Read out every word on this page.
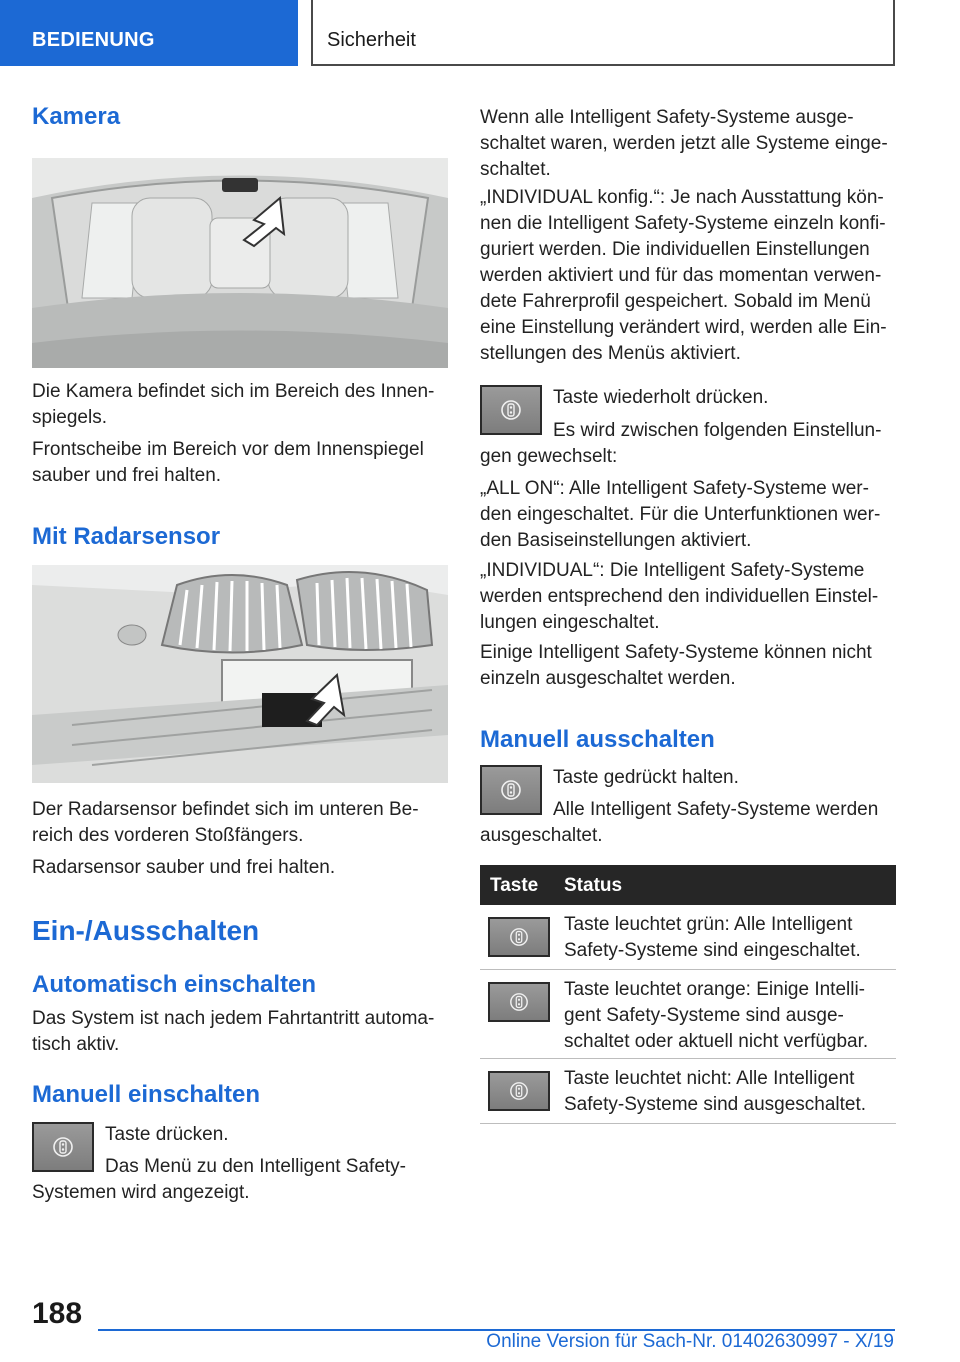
BEDIENUNG	Sicherheit
Kamera

Die Kamera befindet sich im Bereich des Innen-spiegels.

Frontscheibe im Bereich vor dem Innenspiegel sauber und frei halten.

Mit Radarsensor

Der Radarsensor befindet sich im unteren Be-reich des vorderen Stoßfängers.

Radarsensor sauber und frei halten.

Ein-/Ausschalten
Automatisch einschalten

Das System ist nach jedem Fahrtantritt automa-tisch aktiv.

Manuell einschalten

Taste drücken.

Das Menü zu den Intelligent Safety-

Systemen wird angezeigt.

Wenn alle Intelligent Safety-Systeme ausge-schaltet waren, werden jetzt alle Systeme einge-schaltet.

„INDIVIDUAL konfig.“: Je nach Ausstattung kön-nen die Intelligent Safety-Systeme einzeln konfi-guriert werden. Die individuellen Einstellungen werden aktiviert und für das momentan verwen-dete Fahrerprofil gespeichert. Sobald im Menü eine Einstellung verändert wird, werden alle Ein-stellungen des Menüs aktiviert.

Taste wiederholt drücken.

Es wird zwischen folgenden Einstellun-

gen gewechselt:

„ALL ON“: Alle Intelligent Safety-Systeme wer-den eingeschaltet. Für die Unterfunktionen wer-den Basiseinstellungen aktiviert.

„INDIVIDUAL“: Die Intelligent Safety-Systeme werden entsprechend den individuellen Einstel-lungen eingeschaltet.

Einige Intelligent Safety-Systeme können nicht einzeln ausgeschaltet werden.

Manuell ausschalten

Taste gedrückt halten.

Alle Intelligent Safety-Systeme werden

ausgeschaltet.

Taste Status
Taste leuchtet grün: Alle Intelligent Safety-Systeme sind eingeschaltet.
Taste leuchtet orange: Einige Intelli-gent Safety-Systeme sind ausge-schaltet oder aktuell nicht verfügbar.
Taste leuchtet nicht: Alle Intelligent Safety-Systeme sind ausgeschaltet.
188
Online Version für Sach-Nr. 01402630997 - X/19
